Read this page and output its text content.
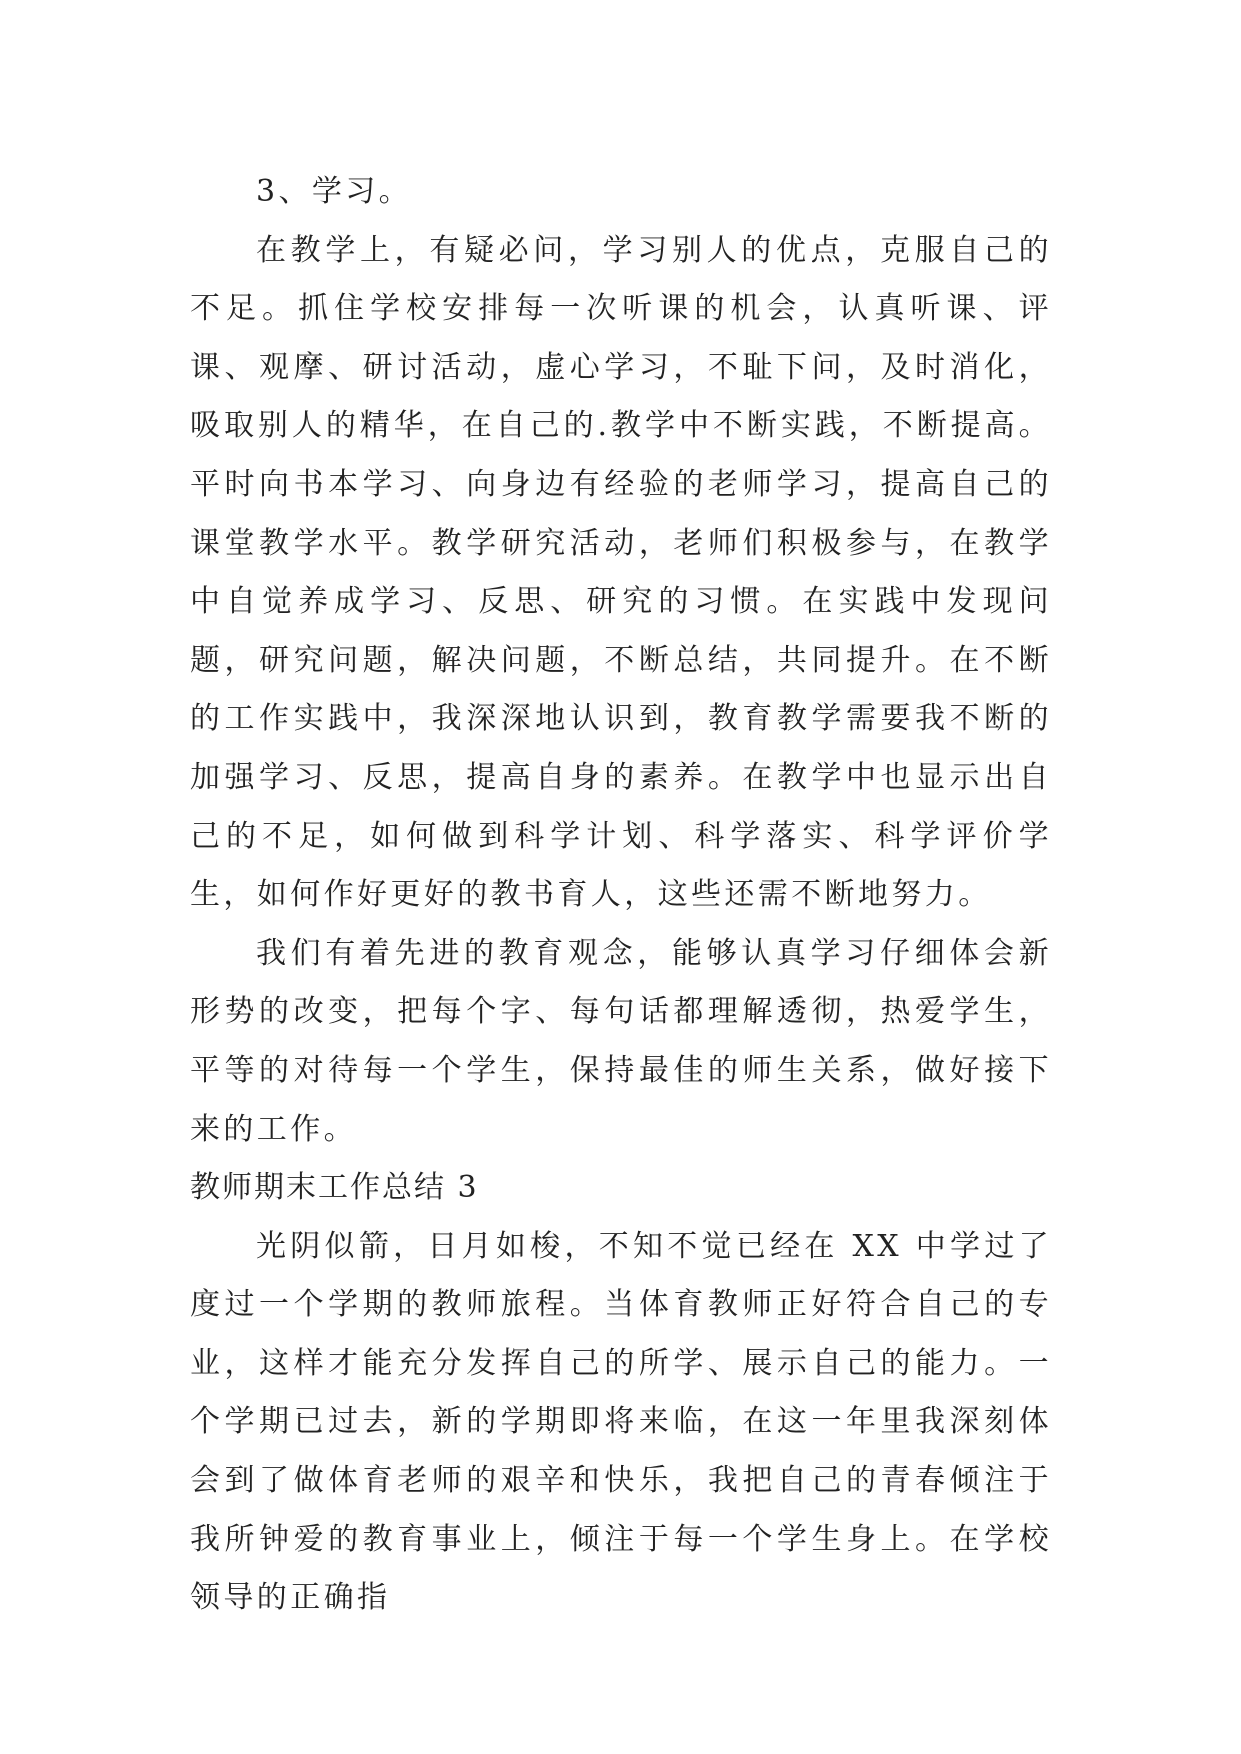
3、学习。

在教学上，有疑必问，学习别人的优点，克服自己的不足。抓住学校安排每一次听课的机会，认真听课、评课、观摩、研讨活动，虚心学习，不耻下问，及时消化，吸取别人的精华，在自己的.教学中不断实践，不断提高。平时向书本学习、向身边有经验的老师学习，提高自己的课堂教学水平。教学研究活动，老师们积极参与，在教学中自觉养成学习、反思、研究的习惯。在实践中发现问题，研究问题，解决问题，不断总结，共同提升。在不断的工作实践中，我深深地认识到，教育教学需要我不断的加强学习、反思，提高自身的素养。在教学中也显示出自己的不足，如何做到科学计划、科学落实、科学评价学生，如何作好更好的教书育人，这些还需不断地努力。

我们有着先进的教育观念，能够认真学习仔细体会新形势的改变，把每个字、每句话都理解透彻，热爱学生，平等的对待每一个学生，保持最佳的师生关系，做好接下来的工作。

教师期末工作总结 3

光阴似箭，日月如梭，不知不觉已经在 XX 中学过了度过一个学期的教师旅程。当体育教师正好符合自己的专业，这样才能充分发挥自己的所学、展示自己的能力。一个学期已过去，新的学期即将来临，在这一年里我深刻体会到了做体育老师的艰辛和快乐，我把自己的青春倾注于我所钟爱的教育事业上，倾注于每一个学生身上。在学校领导的正确指
